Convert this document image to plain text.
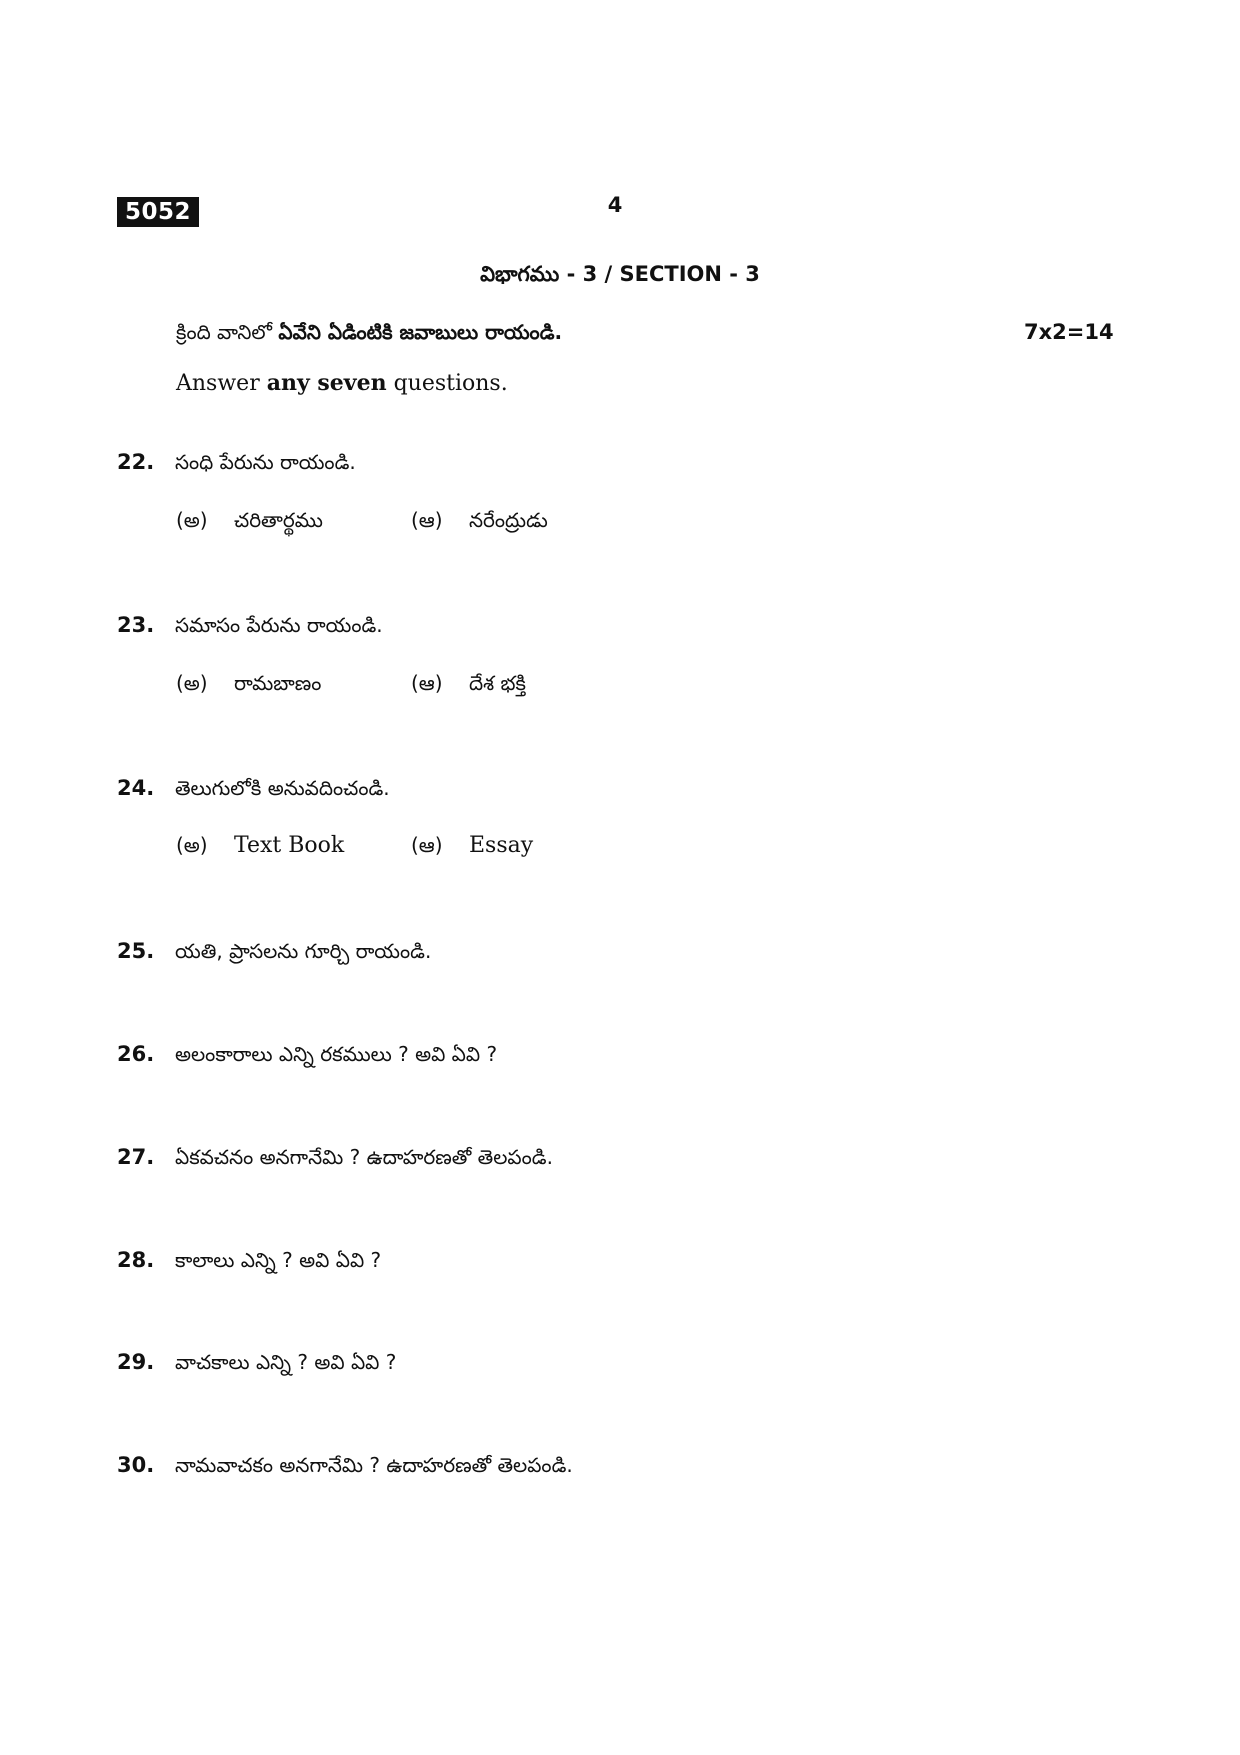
5052	4
విభాగము - 3 / SECTION - 3
క్రింది వానిలో ఏవేని ఏడింటికి జవాబులు రాయండి.	7x2=14
Answer any seven questions.
22. సంధి పేరును రాయండి.
(అ) చరితార్థము	(ఆ) నరేంద్రుడు
23. సమాసం పేరును రాయండి.
(అ) రామబాణం	(ఆ) దేశ భక్తి
24. తెలుగులోకి అనువదించండి.
(అ) Text Book	(ఆ) Essay
25. యతి, ప్రాసలను గూర్చి రాయండి.
26. అలంకారాలు ఎన్ని రకములు ? అవి ఏవి ?
27. ఏకవచనం అనగానేమి ? ఉదాహరణతో తెలపండి.
28. కాలాలు ఎన్ని ? అవి ఏవి ?
29. వాచకాలు ఎన్ని ? అవి ఏవి ?
30. నామవాచకం అనగానేమి ? ఉదాహరణతో తెలపండి.
